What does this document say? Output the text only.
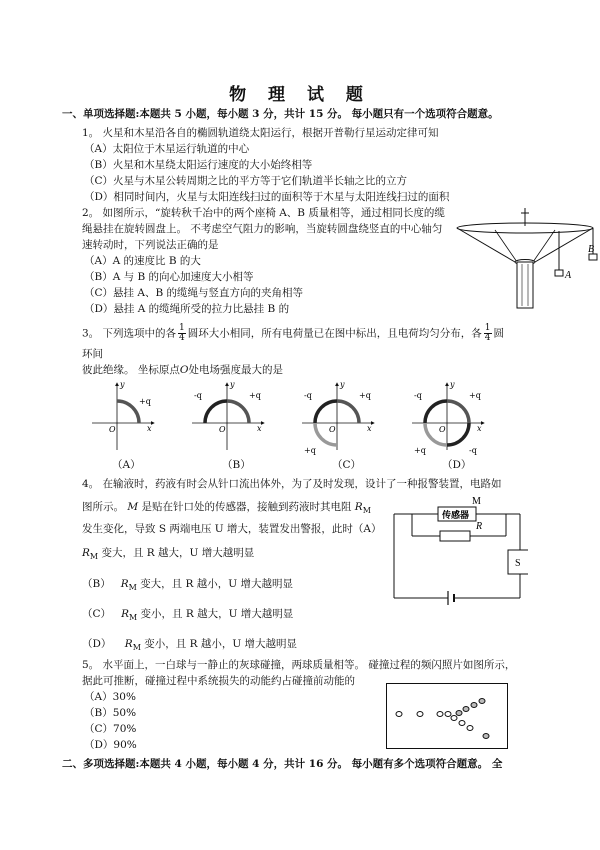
物 理 试 题
一、单项选择题:本题共 5 小题，每小题 3 分，共计 15 分。 每小题只有一个选项符合题意。
1。 火星和木星沿各自的椭圆轨道绕太阳运行，根据开普勒行星运动定律可知
（A）太阳位于木星运行轨道的中心
（B）火星和木星绕太阳运行速度的大小始终相等
（C）火星与木星公转周期之比的平方等于它们轨道半长轴之比的立方
（D）相同时间内，火星与太阳连线扫过的面积等于木星与太阳连线扫过的面积
2。 如图所示，“旋转秋千冶中的两个座椅 A、B 质量相等，通过相同长度的缆
绳悬挂在旋转圆盘上。 不考虑空气阻力的影响，当旋转圆盘绕竖直的中心轴匀
速转动时，下列说法正确的是
（A）A 的速度比 B 的大
（B）A 与 B 的向心加速度大小相等
（C）悬挂 A、B 的缆绳与竖直方向的夹角相等
（D）悬挂 A 的缆绳所受的拉力比悬挂 B 的
A
B
3。 下列选项中的各 $\frac{1}{4}$ 圆环大小相同，所有电荷量已在图中标出，且电荷均匀分布，各 $\frac{1}{4}$ 圆
环间
彼此绝缘。 坐标原点O处电场强度最大的是
y
x
O
+q
y
x
O
-q	+q
y
x
O
-q	+q
+q
y
x
O
-q	+q
+q	-q
（A）	（B）	（C）	（D）
4。 在输液时，药液有时会从针口流出体外，为了及时发现，设计了一种报警装置，电路如
图所示。 M 是贴在针口处的传感器，接触到药液时其电阻 $R_M$
发生变化，导致 S 两端电压 U 增大，装置发出警报，此时（A）
$R_M$ 变大，且 R 越大，U 增大越明显
（B） $R_M$ 变大，且 R 越小，U 增大越明显
（C） $R_M$ 变小，且 R 越大，U 增大越明显
（D） $R_M$ 变小，且 R 越小，U 增大越明显
M
传感器
R
S
5。 水平面上，一白球与一静止的灰球碰撞，两球质量相等。 碰撞过程的频闪照片如图所示，
据此可推断，碰撞过程中系统损失的动能约占碰撞前动能的
（A）30%
（B）50%
（C）70%
（D）90%
二、多项选择题:本题共 4 小题，每小题 4 分，共计 16 分。 每小题有多个选项符合题意。 全
